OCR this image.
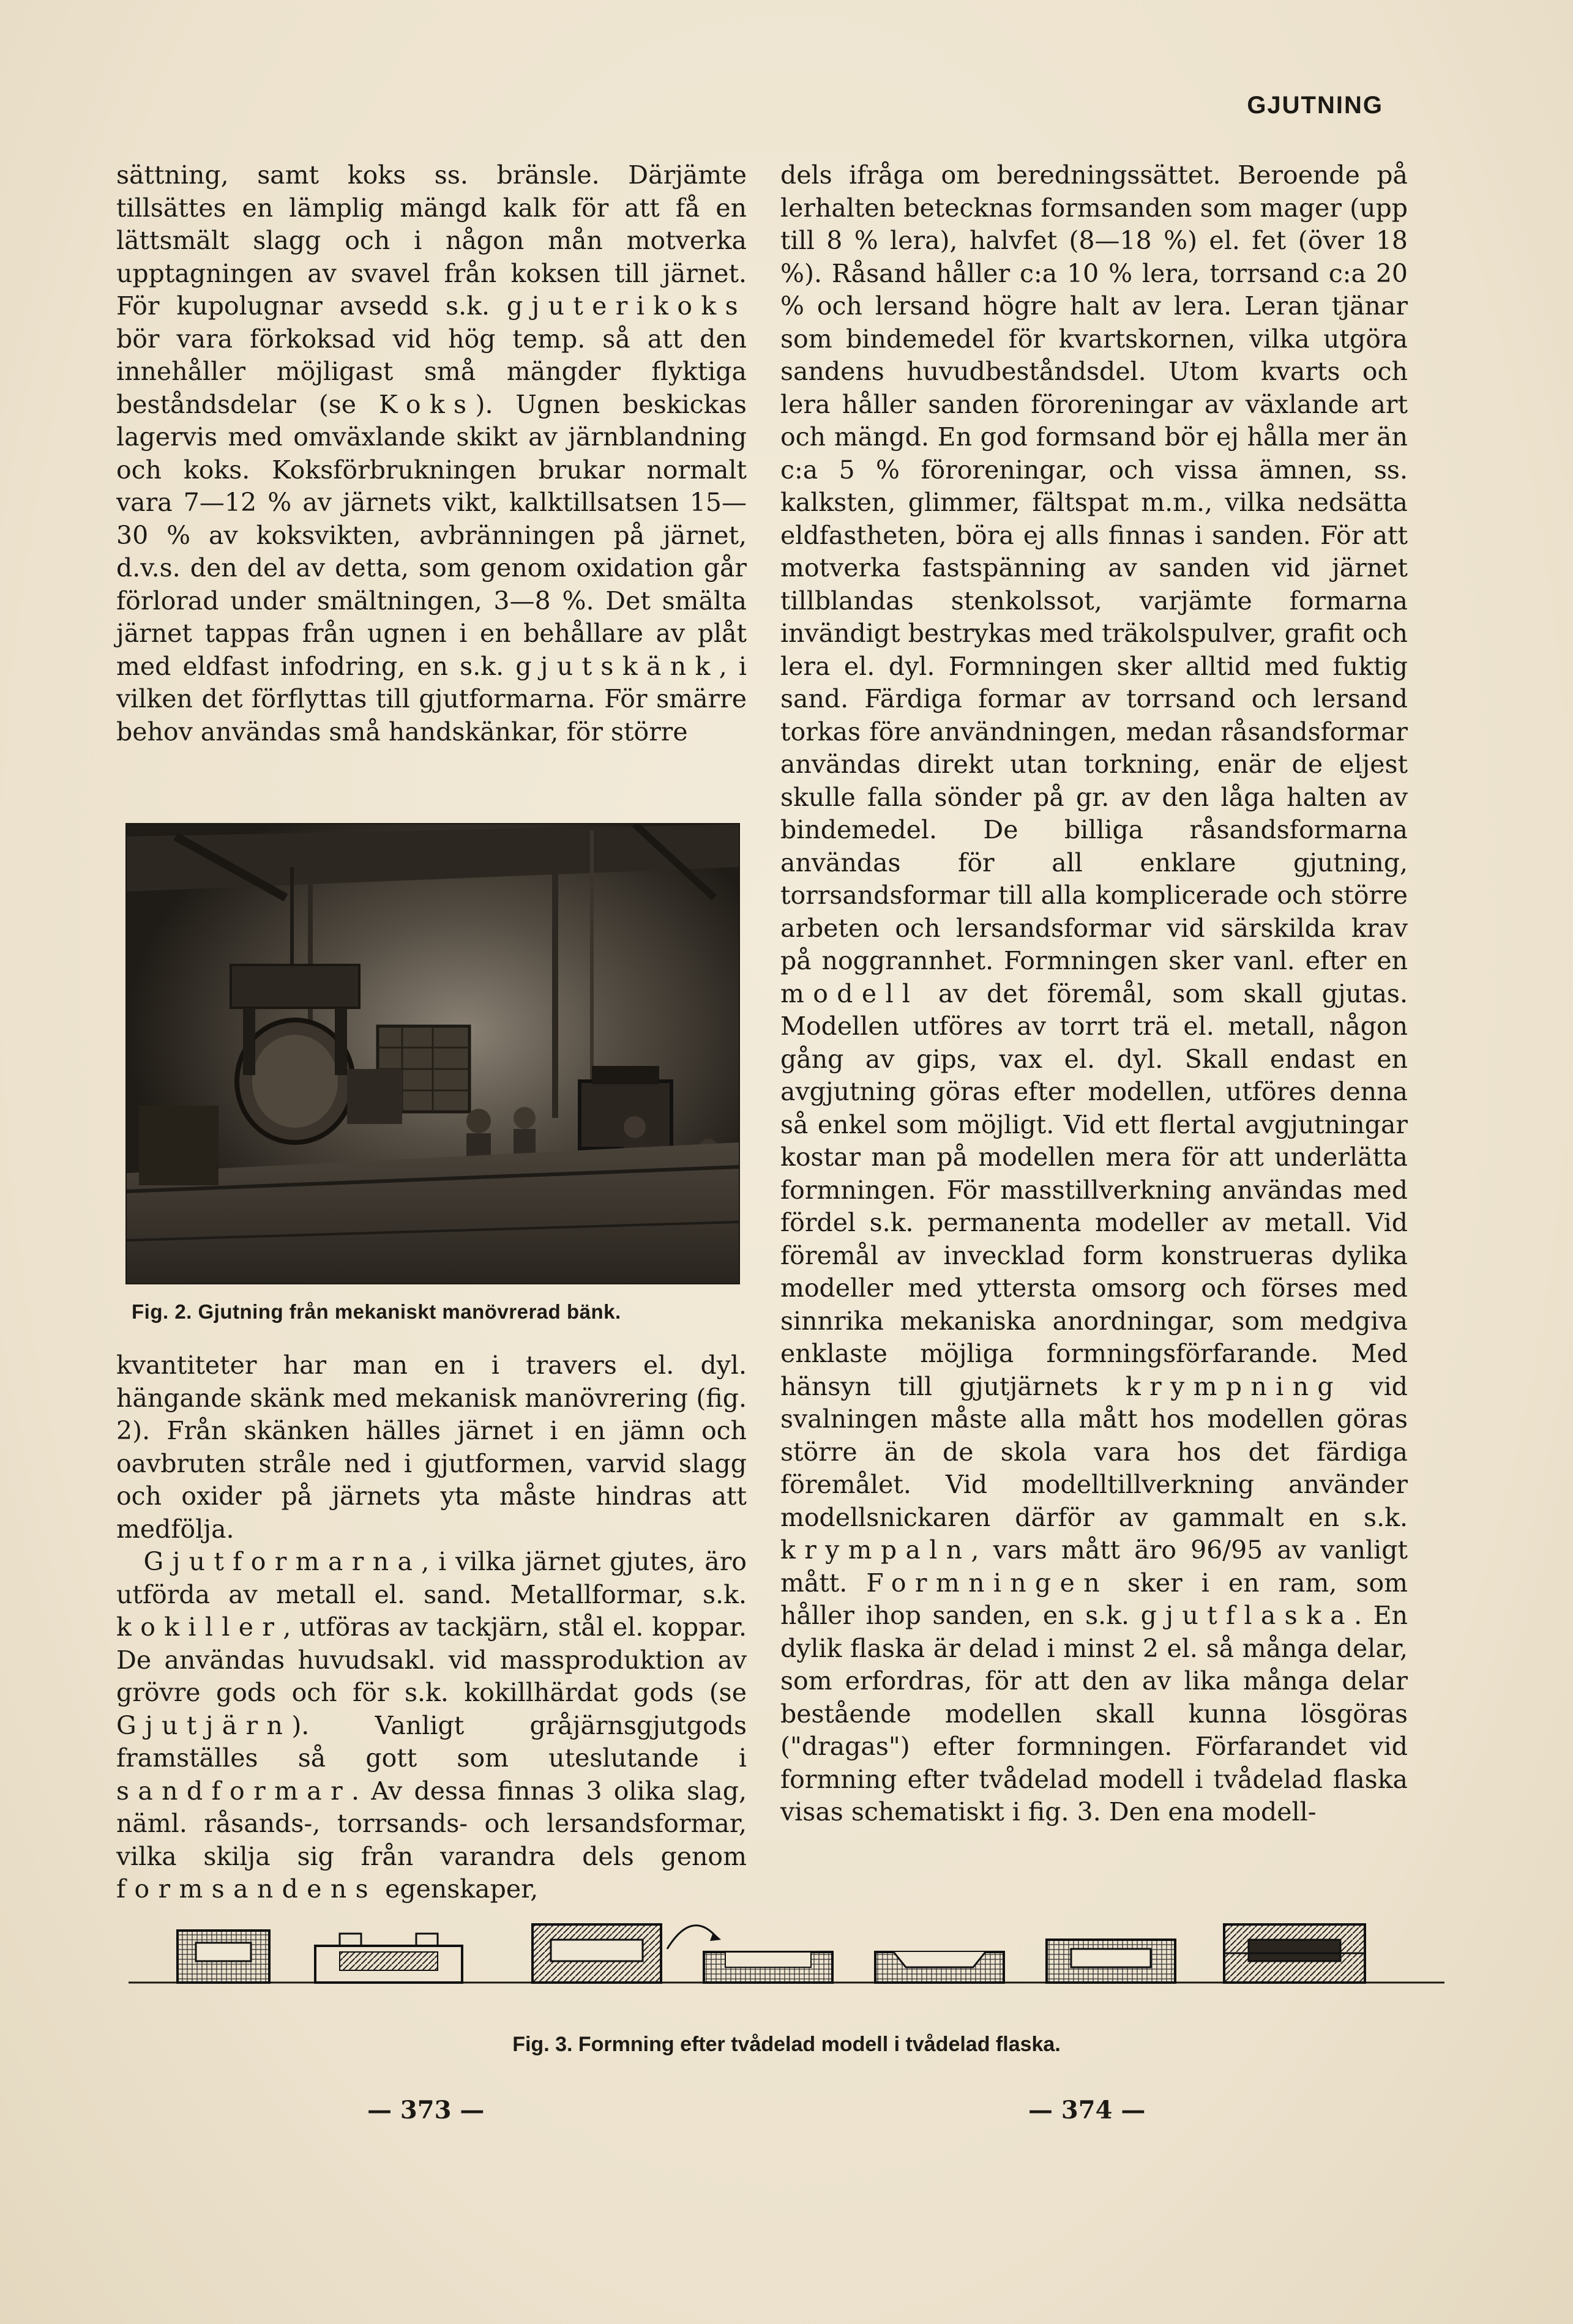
GJUTNING

sättning, samt koks ss. bränsle. Därjämte tillsättes en lämplig mängd kalk för att få en lättsmält slagg och i någon mån motverka upptagningen av svavel från koksen till järnet. För kupolugnar avsedd s.k. gjuterikoks bör vara förkoksad vid hög temp. så att den innehåller möjligast små mängder flyktiga beståndsdelar (se Koks). Ugnen beskickas lagervis med omväxlande skikt av järnblandning och koks. Koksförbrukningen brukar normalt vara 7—12 % av järnets vikt, kalktillsatsen 15—30 % av koksvikten, avbränningen på järnet, d.v.s. den del av detta, som genom oxidation går förlorad under smältningen, 3—8 %. Det smälta järnet tappas från ugnen i en behållare av plåt med eldfast infodring, en s.k. gjutskänk, i vilken det förflyttas till gjutformarna. För smärre behov användas små handskänkar, för större

Fig. 2. Gjutning från mekaniskt manövrerad bänk.

kvantiteter har man en i travers el. dyl. hängande skänk med mekanisk manövrering (fig. 2). Från skänken hälles järnet i en jämn och oavbruten stråle ned i gjutformen, varvid slagg och oxider på järnets yta måste hindras att medfölja.

Gjutformarna, i vilka järnet gjutes, äro utförda av metall el. sand. Metallformar, s.k. kokiller, utföras av tackjärn, stål el. koppar. De användas huvudsakl. vid massproduktion av grövre gods och för s.k. kokillhärdat gods (se Gjutjärn). Vanligt gråjärnsgjutgods framställes så gott som uteslutande i sandformar. Av dessa finnas 3 olika slag, näml. råsands-, torrsands- och lersandsformar, vilka skilja sig från varandra dels genom formsandens egenskaper,

dels ifråga om beredningssättet. Beroende på lerhalten betecknas formsanden som mager (upp till 8 % lera), halvfet (8—18 %) el. fet (över 18 %). Råsand håller c:a 10 % lera, torrsand c:a 20 % och lersand högre halt av lera. Leran tjänar som bindemedel för kvartskornen, vilka utgöra sandens huvudbeståndsdel. Utom kvarts och lera håller sanden föroreningar av växlande art och mängd. En god formsand bör ej hålla mer än c:a 5 % föroreningar, och vissa ämnen, ss. kalksten, glimmer, fältspat m.m., vilka nedsätta eldfastheten, böra ej alls finnas i sanden. För att motverka fastspänning av sanden vid järnet tillblandas stenkolssot, varjämte formarna invändigt bestrykas med träkolspulver, grafit och lera el. dyl. Formningen sker alltid med fuktig sand. Färdiga formar av torrsand och lersand torkas före användningen, medan råsandsformar användas direkt utan torkning, enär de eljest skulle falla sönder på gr. av den låga halten av bindemedel. De billiga råsandsformarna användas för all enklare gjutning, torrsandsformar till alla komplicerade och större arbeten och lersandsformar vid särskilda krav på noggrannhet. Formningen sker vanl. efter en modell av det föremål, som skall gjutas. Modellen utföres av torrt trä el. metall, någon gång av gips, vax el. dyl. Skall endast en avgjutning göras efter modellen, utföres denna så enkel som möjligt. Vid ett flertal avgjutningar kostar man på modellen mera för att underlätta formningen. För masstillverkning användas med fördel s.k. permanenta modeller av metall. Vid föremål av invecklad form konstrueras dylika modeller med yttersta omsorg och förses med sinnrika mekaniska anordningar, som medgiva enklaste möjliga formningsförfarande. Med hänsyn till gjutjärnets krympning vid svalningen måste alla mått hos modellen göras större än de skola vara hos det färdiga föremålet. Vid modelltillverkning använder modellsnickaren därför av gammalt en s.k. krympaln, vars mått äro 96/95 av vanligt mått. Formningen sker i en ram, som håller ihop sanden, en s.k. gjutflaska. En dylik flaska är delad i minst 2 el. så många delar, som erfordras, för att den av lika många delar bestående modellen skall kunna lösgöras ("dragas") efter formningen. Förfarandet vid formning efter tvådelad modell i tvådelad flaska visas schematiskt i fig. 3. Den ena modell-

Fig. 3. Formning efter tvådelad modell i tvådelad flaska.
— 373 —	— 374 —
